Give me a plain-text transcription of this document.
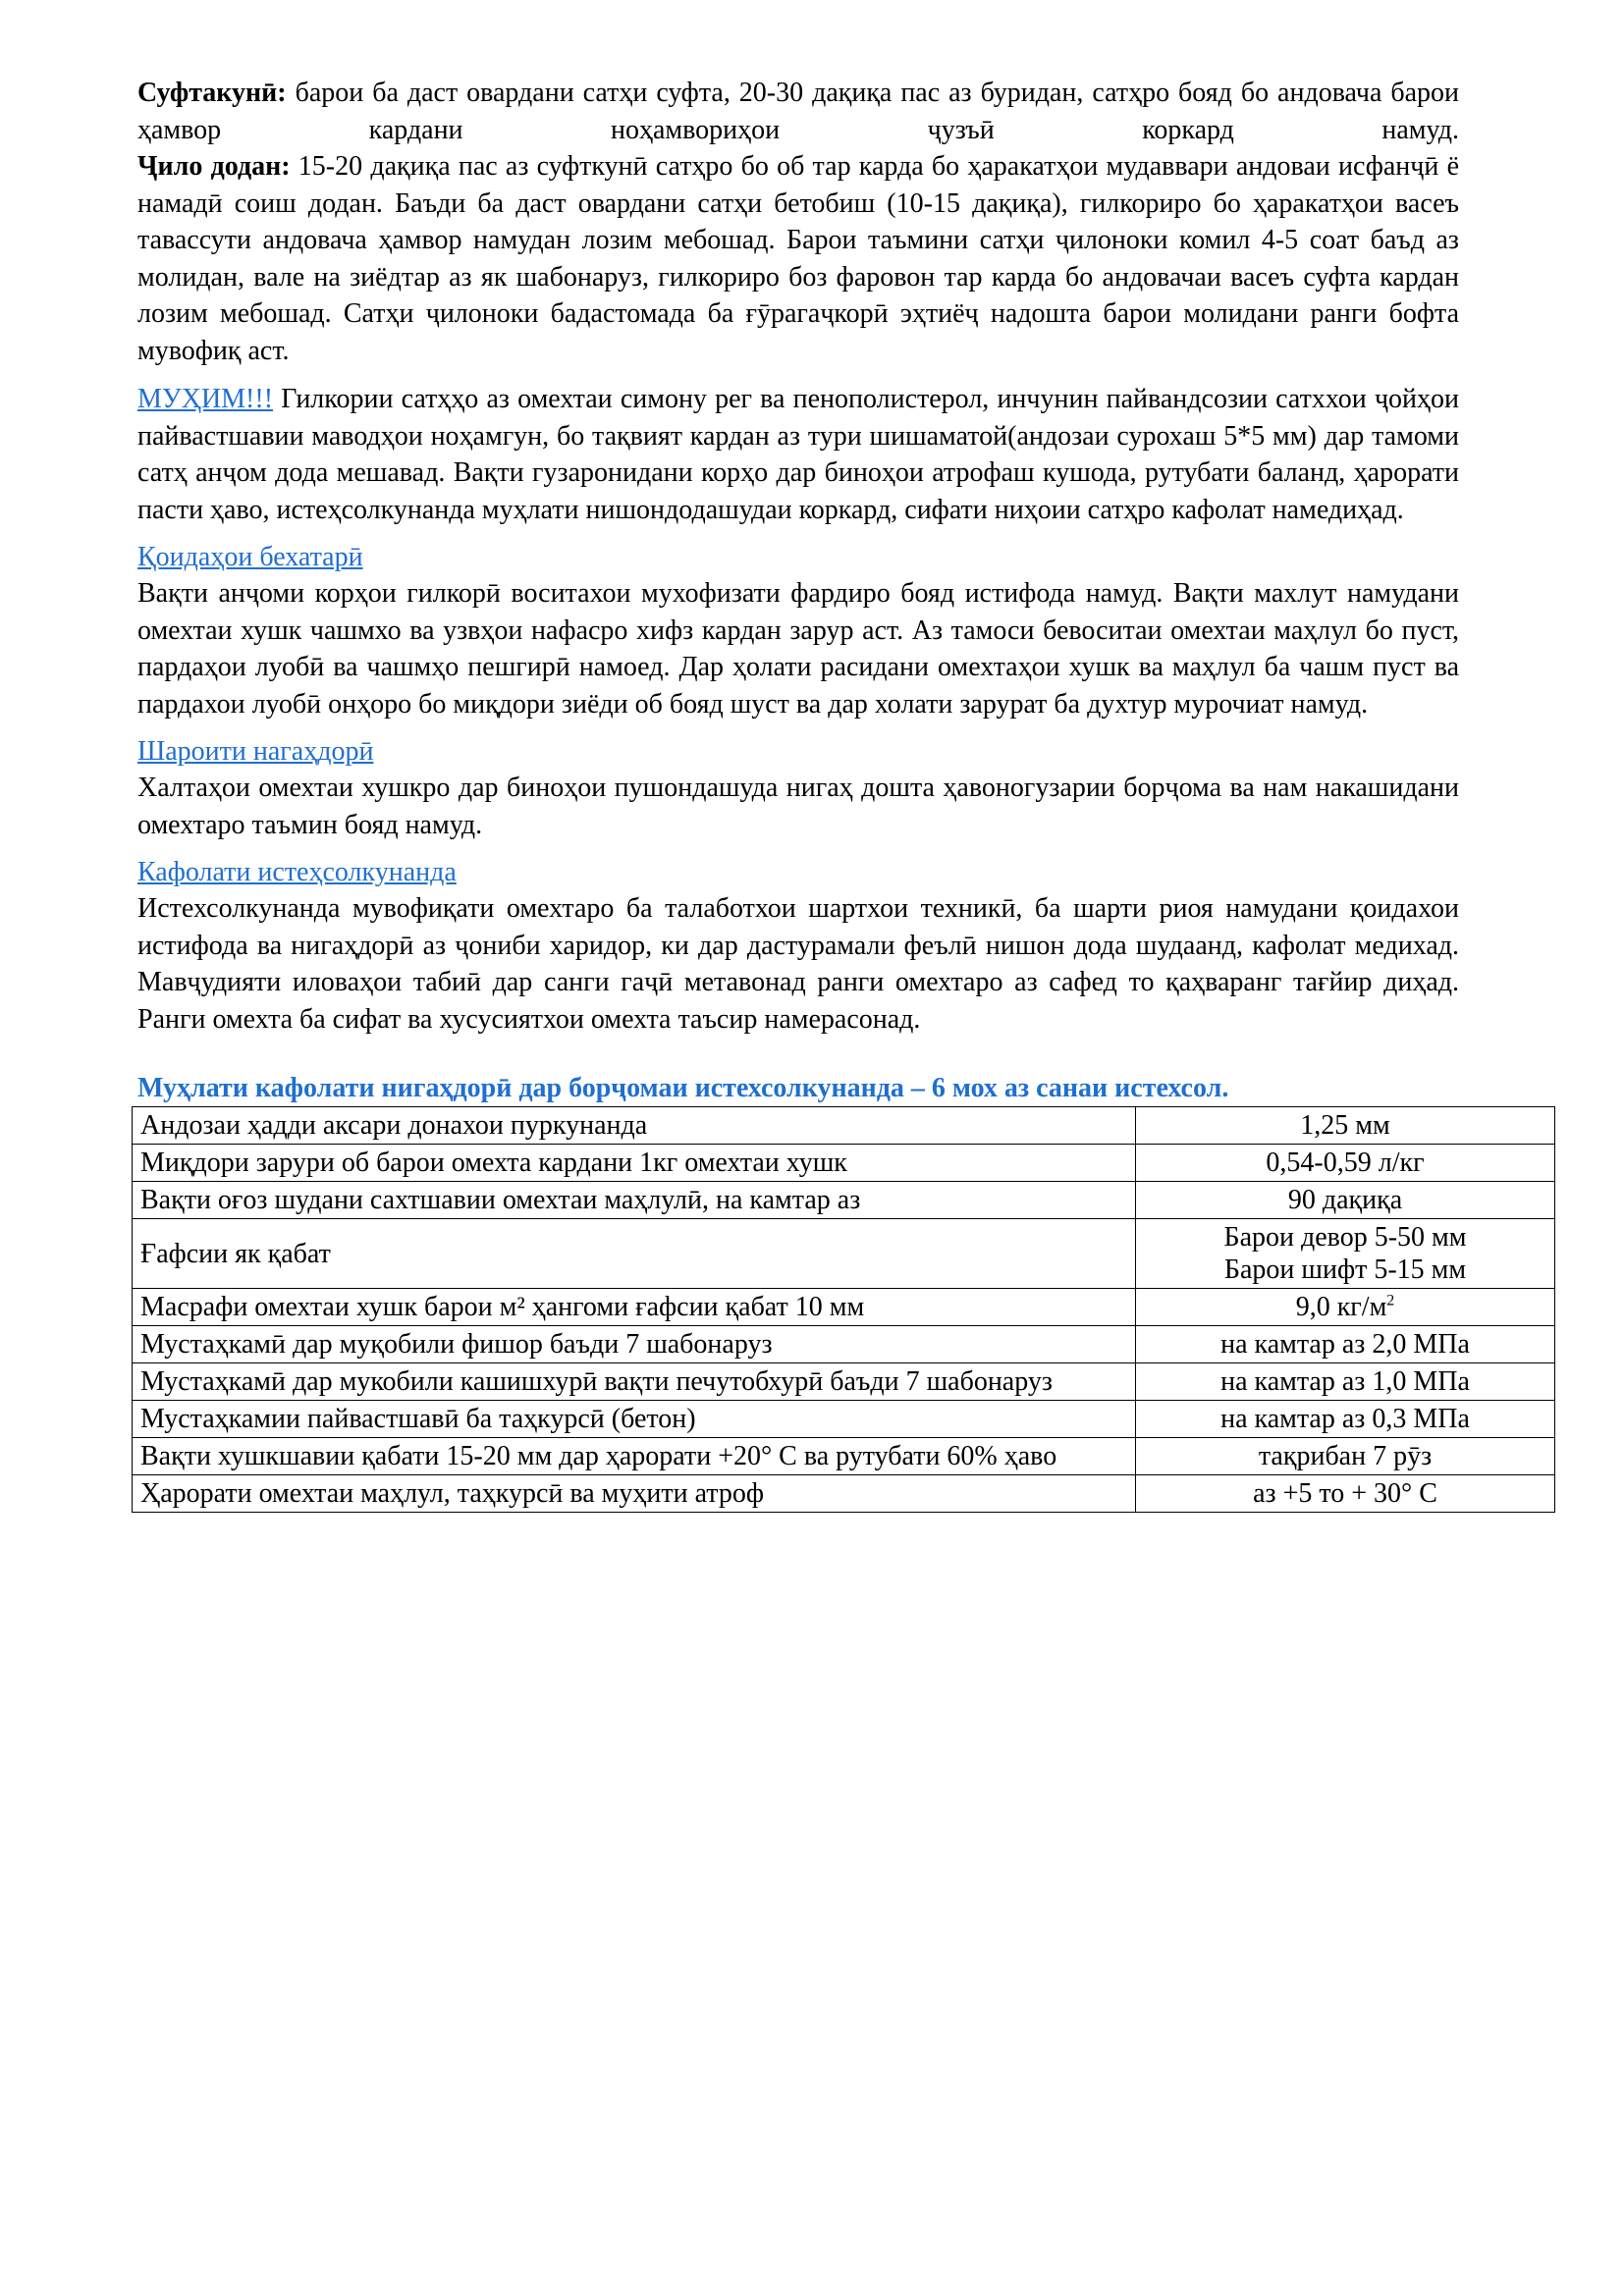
Суфтакунӣ: барои ба даст овардани сатҳи суфта, 20-30 дақиқа пас аз буридан, сатҳро бояд бо андовача барои ҳамвор кардани ноҳамвориҳои ҷузъӣ коркард намуд.

Ҷило додан: 15-20 дақиқа пас аз суфткунӣ сатҳро бо об тар карда бо ҳаракатҳои мудаввари андоваи исфанҷӣ ё намадӣ соиш додан. Баъди ба даст овардани сатҳи бетобиш (10-15 дақиқа), гилкориро бо ҳаракатҳои васеъ тавассути андовача ҳамвор намудан лозим мебошад. Барои таъмини сатҳи ҷилоноки комил 4-5 соат баъд аз молидан, вале на зиёдтар аз як шабонаруз, гилкориро боз фаровон тар карда бо андовачаи васеъ суфта кардан лозим мебошад. Сатҳи ҷилоноки бадастомада ба ғӯрагаҷкорӣ эҳтиёҷ надошта барои молидани ранги бофта мувофиқ аст.

МУҲИМ!!! Гилкории сатҳҳо аз омехтаи симону рег ва пенополистерол, инчунин пайвандсозии сатххои ҷойҳои пайвастшавии маводҳои ноҳамгун, бо тақвият кардан аз тури шишаматой(андозаи сурохаш 5*5 мм) дар тамоми сатҳ анҷом дода мешавад. Вақти гузаронидани корҳо дар биноҳои атрофаш кушода, рутубати баланд, ҳарорати пасти ҳаво, истеҳсолкунанда муҳлати нишондодашудаи коркард, сифати ниҳоии сатҳро кафолат намедиҳад.

Қоидаҳои бехатарӣ

Вақти анҷоми корҳои гилкорӣ воситахои мухофизати фардиро бояд истифода намуд. Вақти махлут намудани омехтаи хушк чашмхо ва узвҳои нафасро хифз кардан зарур аст. Аз тамоси бевоситаи омехтаи маҳлул бо пуст, пардаҳои луобӣ ва чашмҳо пешгирӣ намоед. Дар ҳолати расидани омехтаҳои хушк ва маҳлул ба чашм пуст ва пардахои луобӣ онҳоро бо миқдори зиёди об бояд шуст ва дар холати зарурат ба духтур мурочиат намуд.

Шароити нагаҳдорӣ

Халтаҳои омехтаи хушкро дар биноҳои пушондашуда нигаҳ дошта ҳавоногузарии борҷома ва нам накашидани омехтаро таъмин бояд намуд.

Кафолати истеҳсолкунанда

Истехсолкунанда мувофиқати омехтаро ба талаботхои шартхои техникӣ, ба шарти риоя намудани қоидахои истифода ва нигаҳдорӣ аз ҷониби харидор, ки дар дастурамали феълӣ нишон дода шудаанд, кафолат медихад. Мавҷудияти иловаҳои табиӣ дар санги гаҷӣ метавонад ранги омехтаро аз сафед то қаҳваранг тағйир диҳад. Ранги омехта ба сифат ва хусусиятхои омехта таъсир намерасонад.

Муҳлати кафолати нигаҳдорӣ дар борҷомаи истехсолкунанда – 6 мох аз санаи истехсол.
Андозаи ҳадди аксари донахои пуркунанда	1,25 мм
Миқдори зарури об барои омехта кардани 1кг омехтаи хушк	0,54-0,59 л/кг
Вақти оғоз шудани сахтшавии омехтаи маҳлулӣ, на камтар аз	90 дақиқа
Ғафсии як қабат	Барои девор 5-50 мм
Барои шифт 5-15 мм

Масрафи омехтаи хушк барои м² ҳангоми ғафсии қабат 10 мм	9,0 $кг/м^2$
Мустаҳкамӣ дар муқобили фишор баъди 7 шабонаруз	на камтар аз 2,0 МПа
Мустаҳкамӣ дар мукобили кашишхурӣ вақти печутобхурӣ баъди 7 шабонаруз	на камтар аз 1,0 МПа
Мустаҳкамии пайвастшавӣ ба таҳкурсӣ (бетон)	на камтар аз 0,3 МПа
Вақти хушкшавии қабати 15-20 мм дар ҳарорати +20° С ва рутубати 60% ҳаво	тақрибан 7 рӯз
Ҳарорати омехтаи маҳлул, таҳкурсӣ ва муҳити атроф	аз +5 то + 30° С
